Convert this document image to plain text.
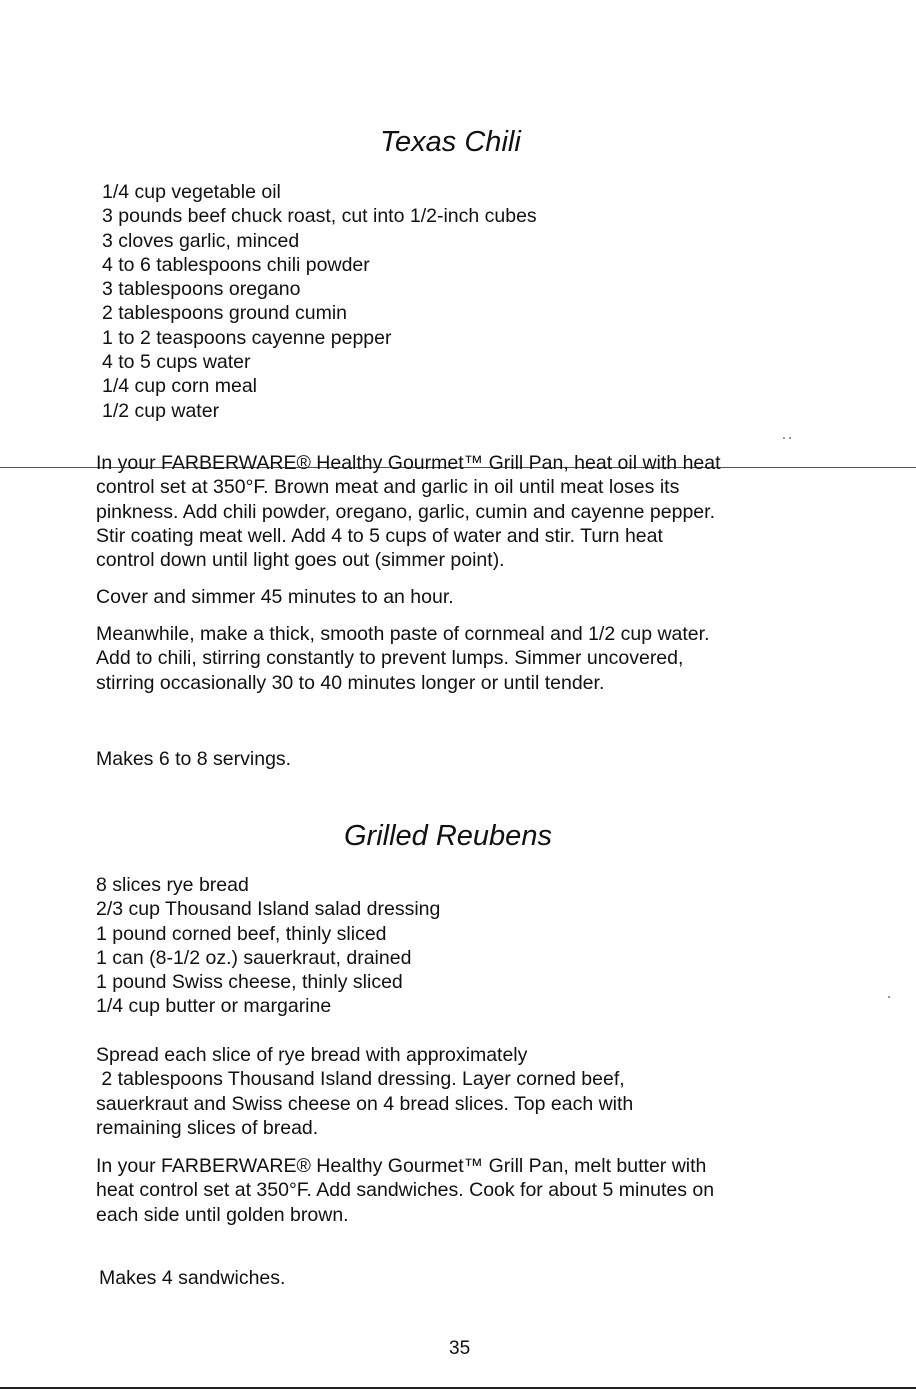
Texas Chili
1/4 cup vegetable oil
3 pounds beef chuck roast, cut into 1/2-inch cubes
3 cloves garlic, minced
4 to 6 tablespoons chili powder
3 tablespoons oregano
2 tablespoons ground cumin
1 to 2 teaspoons cayenne pepper
4 to 5 cups water
1/4 cup corn meal
1/2 cup water

In your FARBERWARE® Healthy Gourmet™ Grill Pan, heat oil with heat
control set at 350°F. Brown meat and garlic in oil until meat loses its
pinkness. Add chili powder, oregano, garlic, cumin and cayenne pepper.
Stir coating meat well. Add 4 to 5 cups of water and stir. Turn heat
control down until light goes out (simmer point).

Cover and simmer 45 minutes to an hour.

Meanwhile, make a thick, smooth paste of cornmeal and 1/2 cup water.
Add to chili, stirring constantly to prevent lumps. Simmer uncovered,
stirring occasionally 30 to 40 minutes longer or until tender.

Makes 6 to 8 servings.

Grilled Reubens
8 slices rye bread
2/3 cup Thousand Island salad dressing
1 pound corned beef, thinly sliced
1 can (8-1/2 oz.) sauerkraut, drained
1 pound Swiss cheese, thinly sliced
1/4 cup butter or margarine

Spread each slice of rye bread with approximately
2 tablespoons Thousand Island dressing. Layer corned beef,
sauerkraut and Swiss cheese on 4 bread slices. Top each with
remaining slices of bread.

In your FARBERWARE® Healthy Gourmet™ Grill Pan, melt butter with
heat control set at 350°F. Add sandwiches. Cook for about 5 minutes on
each side until golden brown.

Makes 4 sandwiches.

35
